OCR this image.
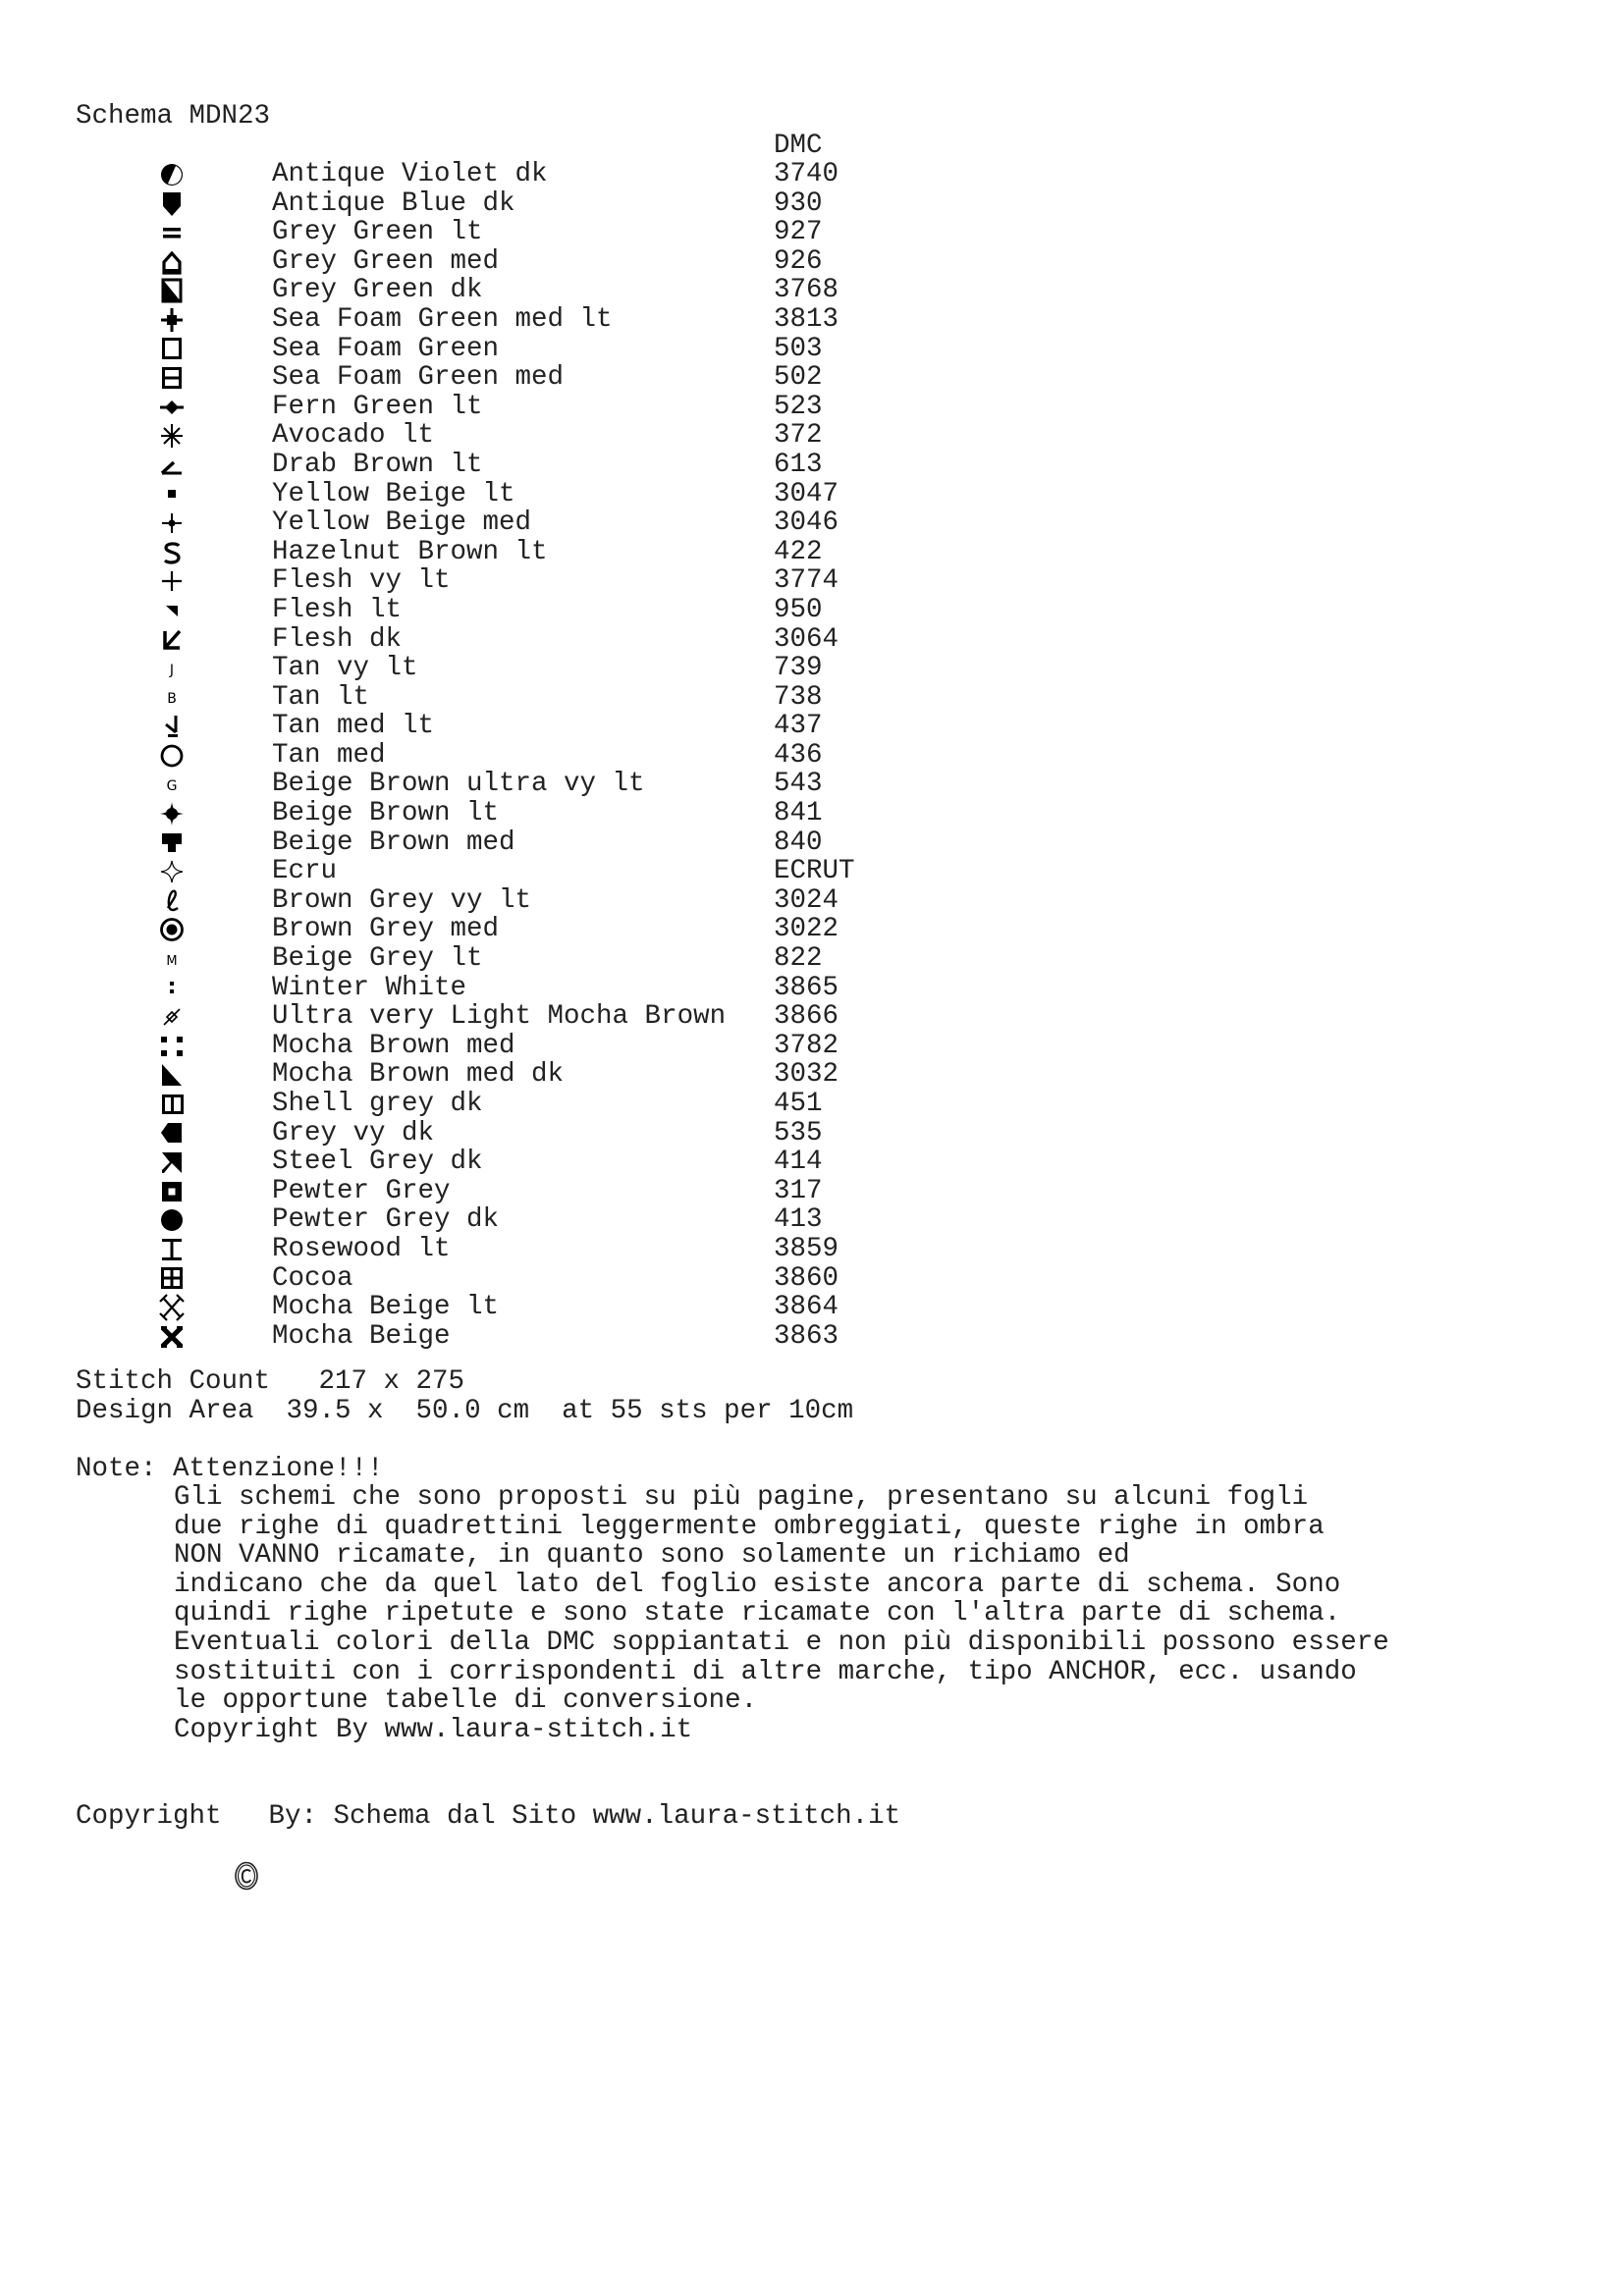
Schema MDN23
DMC
Antique Violet dk	3740
Antique Blue dk	930
Grey Green lt	927
Grey Green med	926
Grey Green dk	3768
Sea Foam Green med lt	3813
Sea Foam Green	503
Sea Foam Green med	502
Fern Green lt	523
Avocado lt	372
Drab Brown lt	613
Yellow Beige lt	3047
Yellow Beige med	3046
Hazelnut Brown lt	422
Flesh vy lt	3774
Flesh lt	950
Flesh dk	3064
J	Tan vy lt	739
B	Tan lt	738
Tan med lt	437
Tan med	436
G	Beige Brown ultra vy lt	543
Beige Brown lt	841
Beige Brown med	840
Ecru	ECRUT
Brown Grey vy lt	3024
Brown Grey med	3022
M	Beige Grey lt	822
Winter White	3865
Ultra very Light Mocha Brown 3866
Mocha Brown med	3782
Mocha Brown med dk	3032
Shell grey dk	451
Grey vy dk	535
Steel Grey dk	414
Pewter Grey	317
Pewter Grey dk	413
Rosewood lt	3859
Cocoa	3860
Mocha Beige lt	3864
Mocha Beige	3863
Stitch Count   217 x 275
Design Area  39.5 x  50.0 cm  at 55 sts per 10cm
Note: Attenzione!!!
Gli schemi che sono proposti su più pagine, presentano su alcuni fogli
due righe di quadrettini leggermente ombreggiati, queste righe in ombra
NON VANNO ricamate, in quanto sono solamente un richiamo ed
indicano che da quel lato del foglio esiste ancora parte di schema. Sono
quindi righe ripetute e sono state ricamate con l'altra parte di schema.
Eventuali colori della DMC soppiantati e non più disponibili possono essere
sostituiti con i corrispondenti di altre marche, tipo ANCHOR, ecc. usando
le opportune tabelle di conversione.
Copyright By www.laura-stitch.it
Copyright

By: Schema dal Sito www.laura-stitch.it
